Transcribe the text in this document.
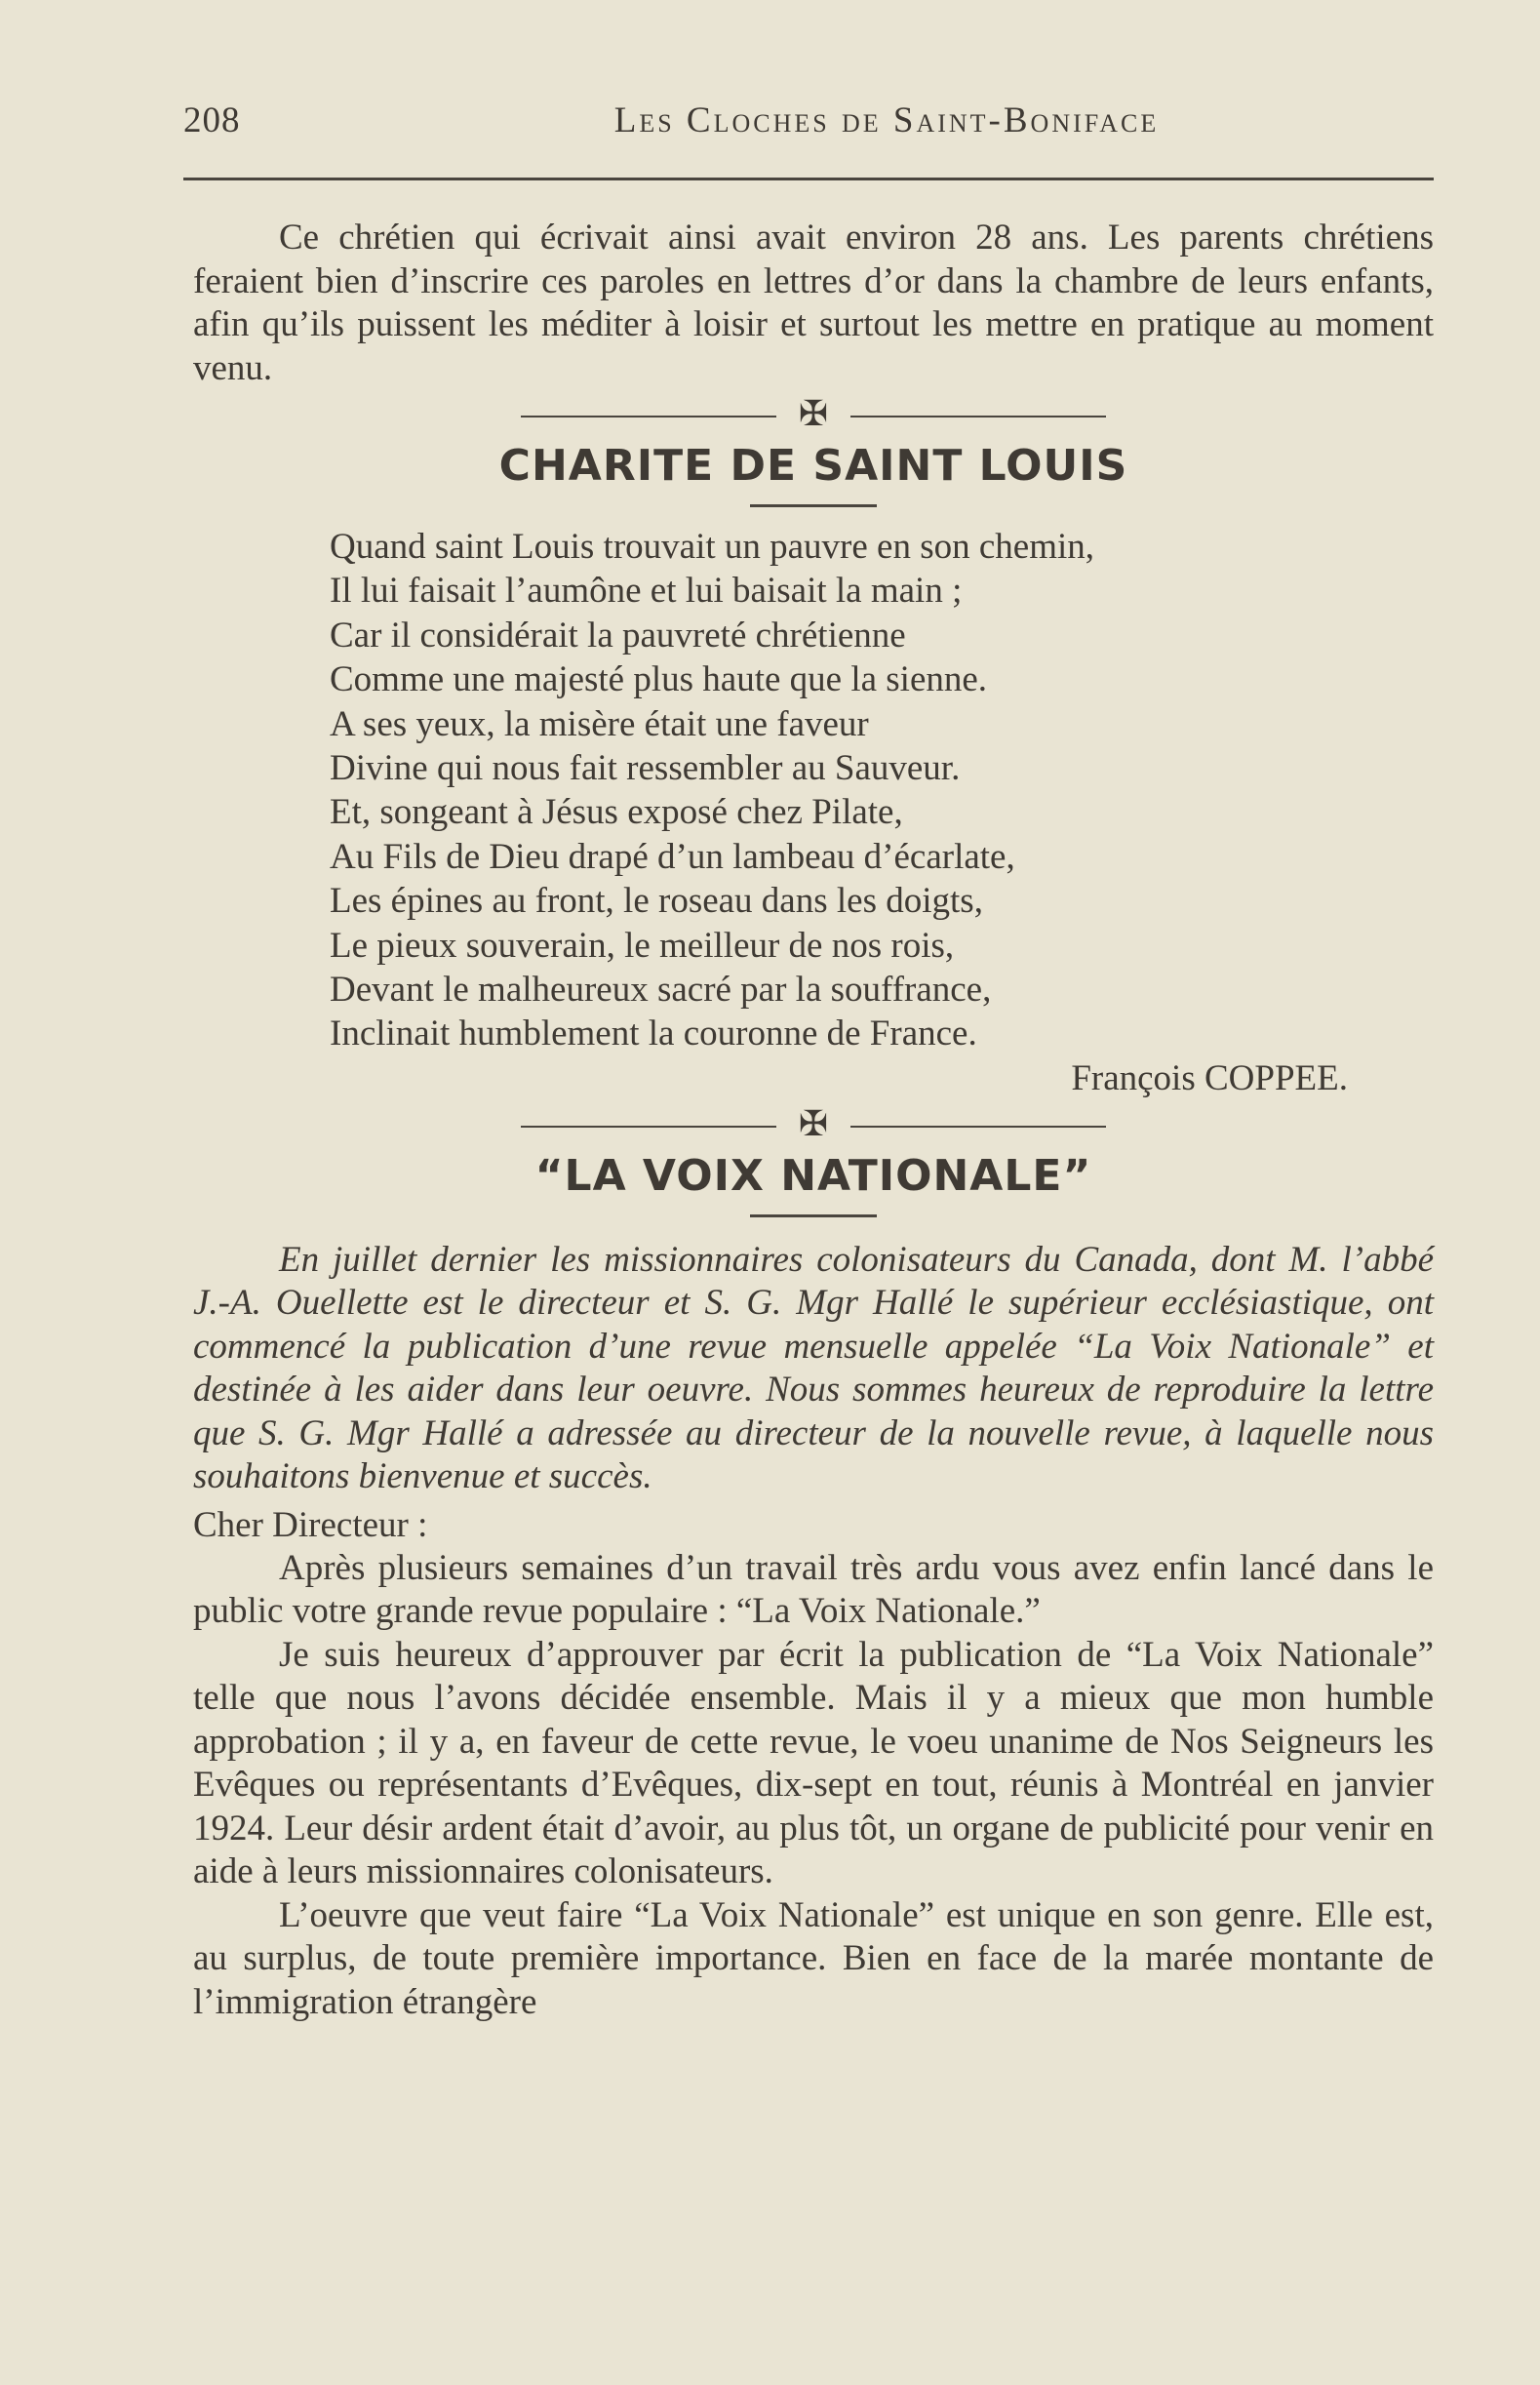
208	Les Cloches de Saint-Boniface

Ce chrétien qui écrivait ainsi avait environ 28 ans. Les parents chrétiens feraient bien d’inscrire ces paroles en lettres d’or dans la chambre de leurs enfants, afin qu’ils puissent les méditer à loisir et surtout les mettre en pratique au moment venu.

✠
CHARITE DE SAINT LOUIS
Quand saint Louis trouvait un pauvre en son chemin,
Il lui faisait l’aumône et lui baisait la main ;
Car il considérait la pauvreté chrétienne
Comme une majesté plus haute que la sienne.
A ses yeux, la misère était une faveur
Divine qui nous fait ressembler au Sauveur.
Et, songeant à Jésus exposé chez Pilate,
Au Fils de Dieu drapé d’un lambeau d’écarlate,
Les épines au front, le roseau dans les doigts,
Le pieux souverain, le meilleur de nos rois,
Devant le malheureux sacré par la souffrance,
Inclinait humblement la couronne de France.
François COPPEE.
✠
“LA VOIX NATIONALE”

En juillet dernier les missionnaires colonisateurs du Canada, dont M. l’abbé J.-A. Ouellette est le directeur et S. G. Mgr Hallé le supérieur ecclésiastique, ont commencé la publication d’une revue mensuelle appelée “La Voix Nationale” et destinée à les aider dans leur oeuvre. Nous sommes heureux de reproduire la lettre que S. G. Mgr Hallé a adressée au directeur de la nouvelle revue, à laquelle nous souhaitons bienvenue et succès.

Cher Directeur :

Après plusieurs semaines d’un travail très ardu vous avez enfin lancé dans le public votre grande revue populaire : “La Voix Nationale.”

Je suis heureux d’approuver par écrit la publication de “La Voix Nationale” telle que nous l’avons décidée ensemble. Mais il y a mieux que mon humble approbation ; il y a, en faveur de cette revue, le voeu unanime de Nos Seigneurs les Evêques ou représentants d’Evêques, dix-sept en tout, réunis à Montréal en janvier 1924. Leur désir ardent était d’avoir, au plus tôt, un organe de publicité pour venir en aide à leurs missionnaires colonisateurs.

L’oeuvre que veut faire “La Voix Nationale” est unique en son genre. Elle est, au surplus, de toute première importance. Bien en face de la marée montante de l’immigration étrangère
